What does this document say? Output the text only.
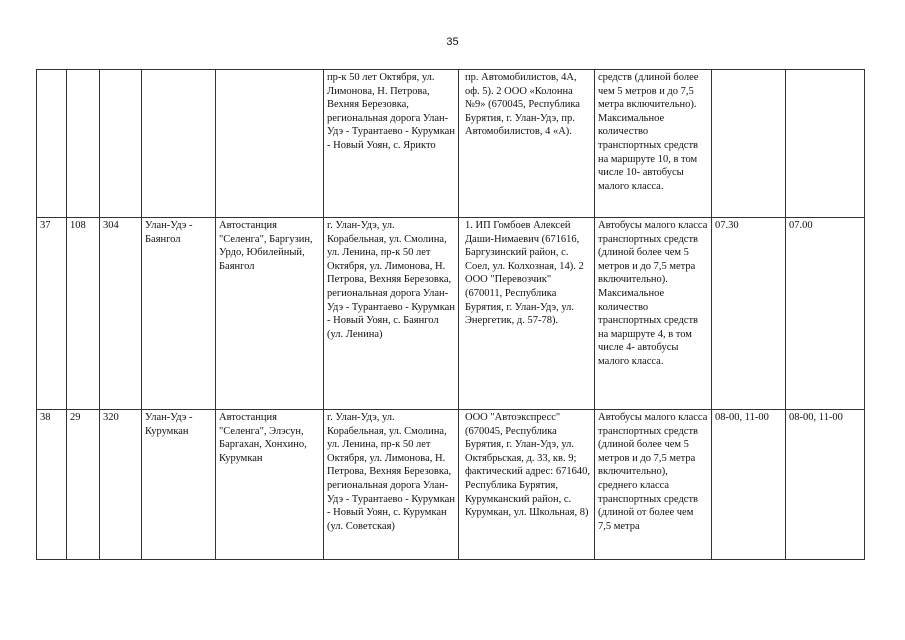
35

					пр-к 50 лет Октября, ул. Лимонова, Н. Петрова, Вехняя Березовка, региональная дорога Улан-Удэ - Турантаево - Курумкан - Новый Уоян, с. Ярикто	пр. Автомобилистов, 4А, оф. 5). 2 ООО «Колонна №9» (670045, Республика Бурятия, г. Улан-Удэ, пр. Автомобилистов, 4 «А).	средств (длиной более чем 5 метров и до 7,5 метра включительно). Максимальное количество транспортных средств на маршруте 10, в том числе 10- автобусы малого класса.		

37	108	304	Улан-Удэ - Баянгол	Автостанция "Селенга", Баргузин, Урдо, Юбилейный, Баянгол	г. Улан-Удэ, ул. Корабельная, ул. Смолина, ул. Ленина, пр-к 50 лет Октября, ул. Лимонова, Н. Петрова, Вехняя Березовка, региональная дорога Улан-Удэ - Турантаево - Курумкан - Новый Уоян, с. Баянгол (ул. Ленина)	1. ИП Гомбоев Алексей Даши-Нимаевич (671616, Баргузинский район, с. Соел, ул. Колхозная, 14). 2 ООО "Перевозчик" (670011, Республика Бурятия, г. Улан-Удэ, ул. Энергетик, д. 57-78).	Автобусы малого класса транспортных средств (длиной более чем 5 метров и до 7,5 метра включительно). Максимальное количество транспортных средств на маршруте 4, в том числе 4- автобусы малого класса.	07.30	07.00
38	29	320	Улан-Удэ - Курумкан	Автостанция "Селенга", Элэсун, Баргахан, Хонхино, Курумкан	г. Улан-Удэ, ул. Корабельная, ул. Смолина, ул. Ленина, пр-к 50 лет Октября, ул. Лимонова, Н. Петрова, Вехняя Березовка, региональная дорога Улан-Удэ - Турантаево - Курумкан - Новый Уоян, с. Курумкан (ул. Советская)	ООО "Автоэкспресс" (670045, Республика Бурятия, г. Улан-Удэ, ул. Октябрьская, д. 33, кв. 9; фактический адрес: 671640, Республика Бурятия, Курумканский район, с. Курумкан, ул. Школьная, 8)	Автобусы малого класса транспортных средств (длиной более чем 5 метров и до 7,5 метра включительно), среднего класса транспортных средств (длиной от более чем 7,5 метра	08-00, 11-00	08-00, 11-00
